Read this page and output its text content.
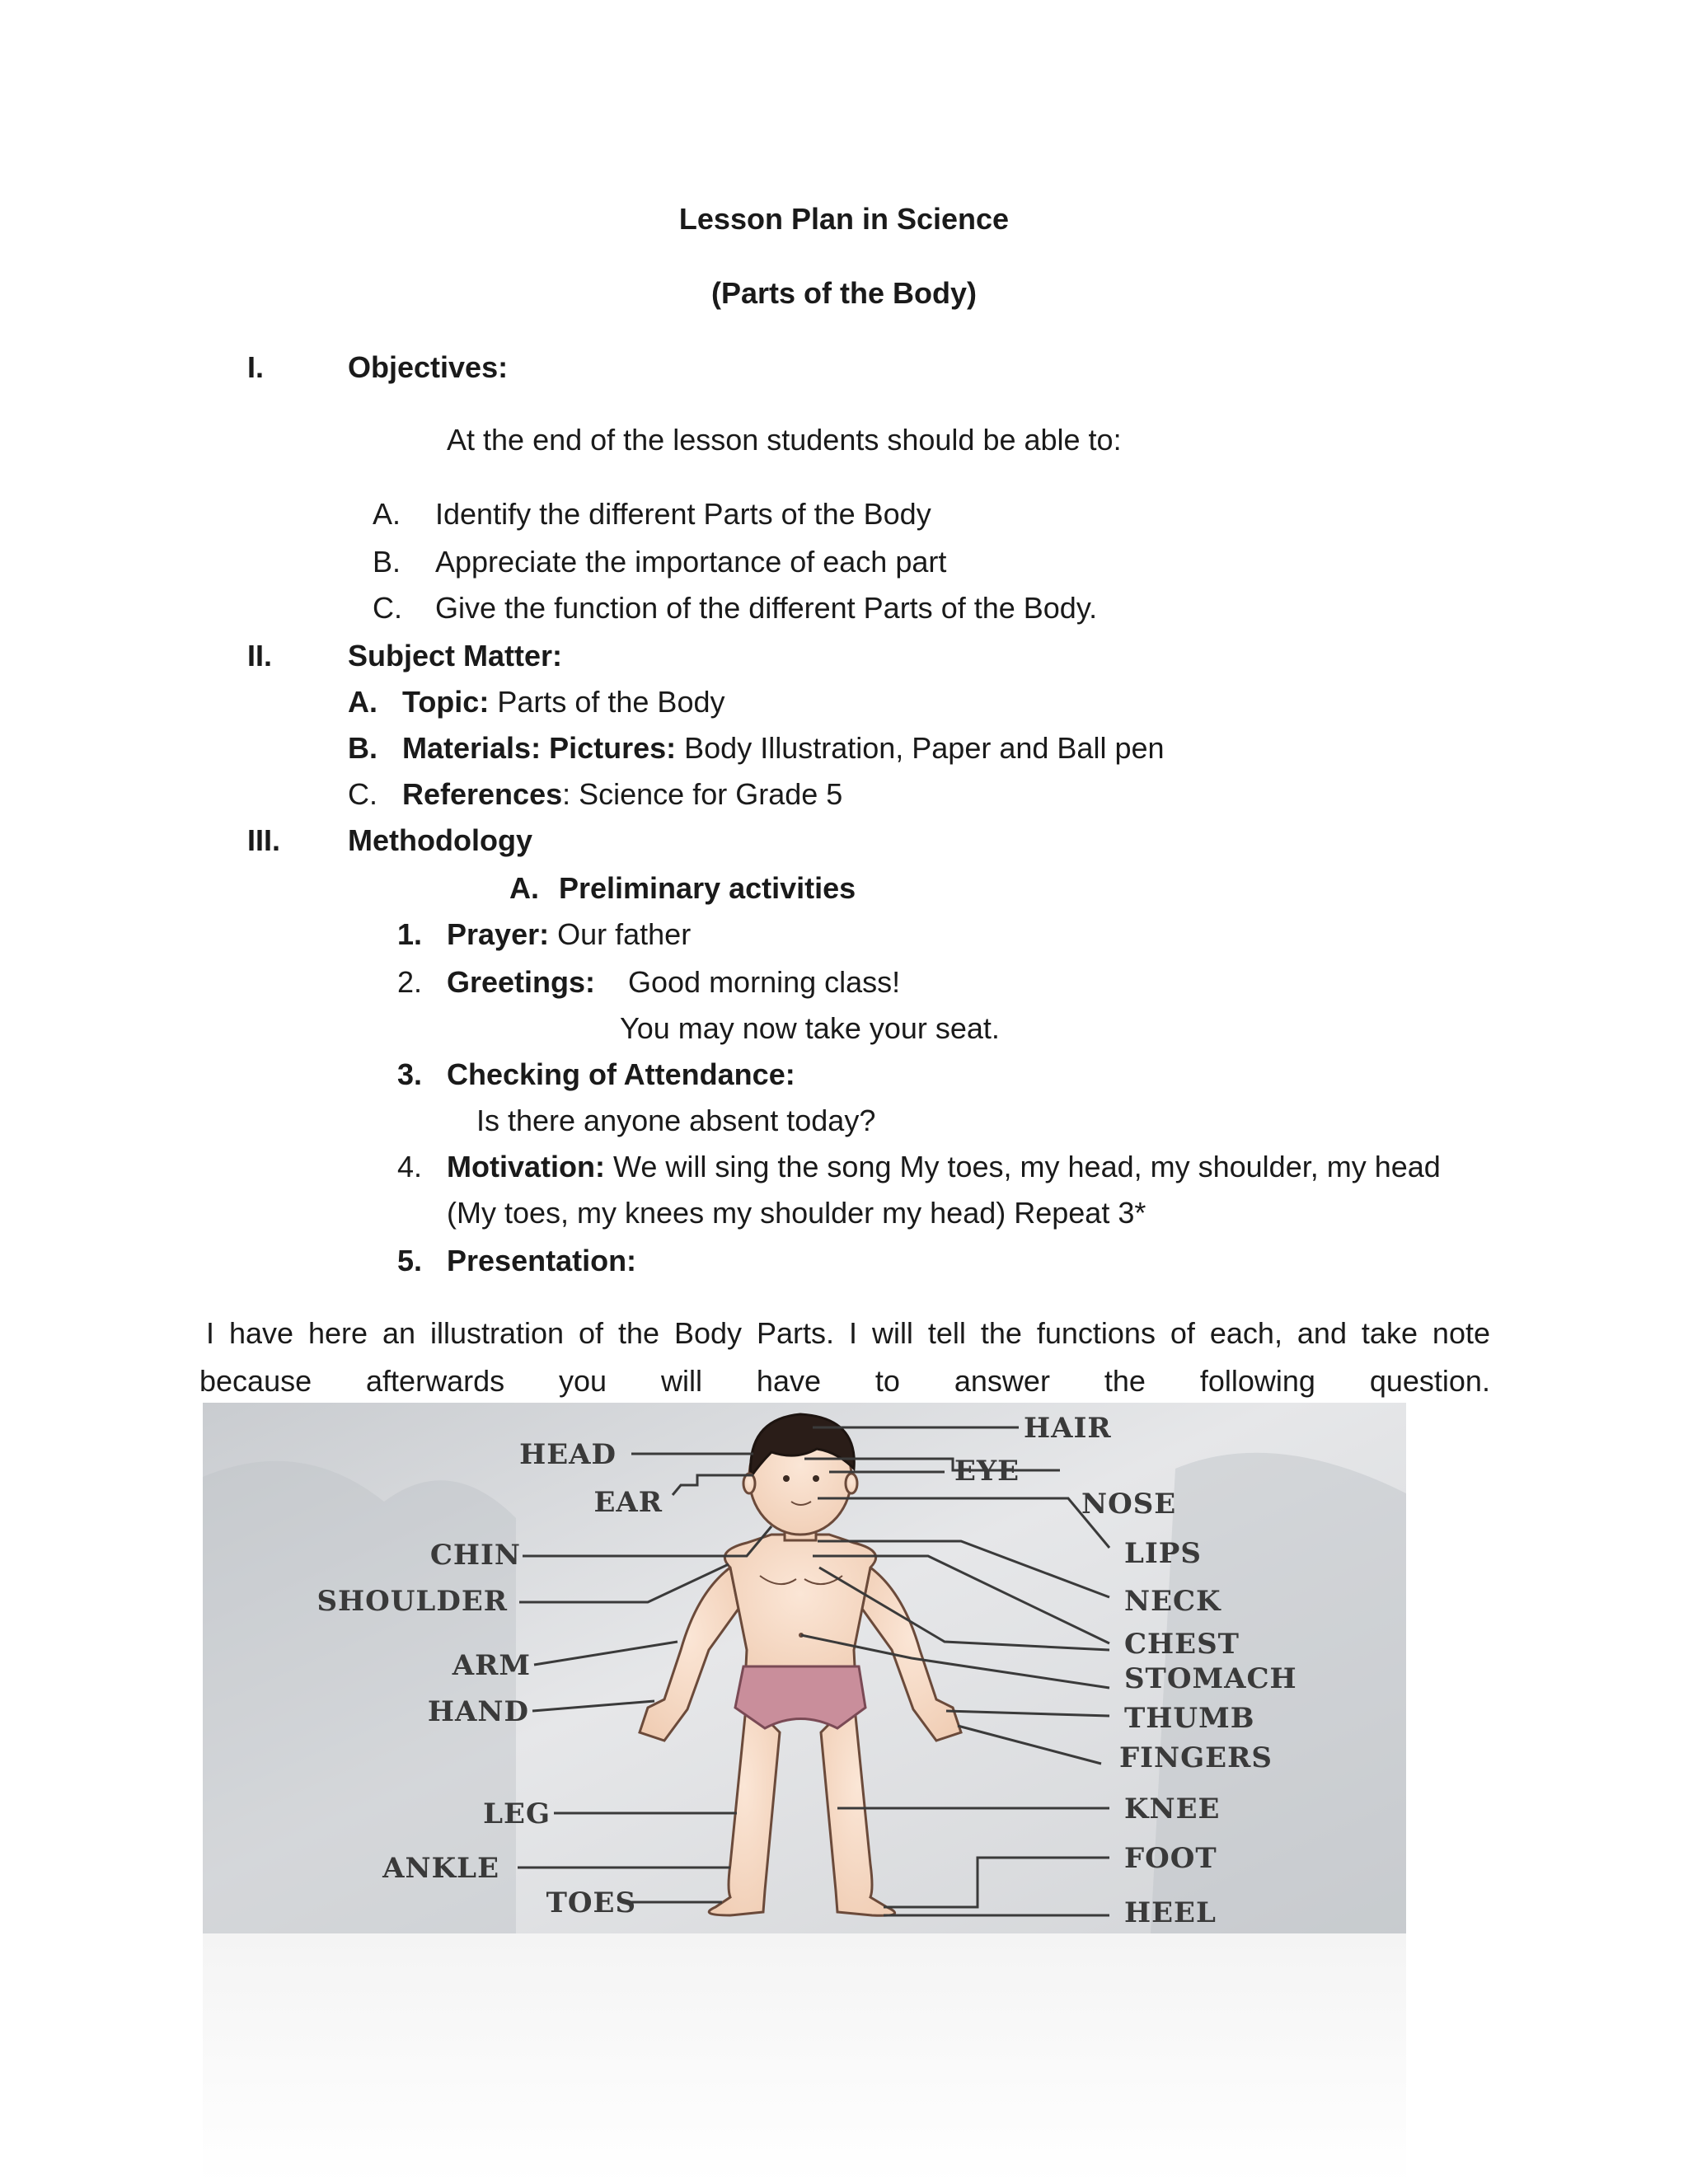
Lesson Plan in Science
(Parts of the Body)
I.	Objectives:
At the end of the lesson students should be able to:
A. Identify the different Parts of the Body
B. Appreciate the importance of each part
C. Give the function of the different Parts of the Body.
II.	Subject Matter:
A. Topic: Parts of the Body
B. Materials: Pictures: Body Illustration, Paper and Ball pen
C. References: Science for Grade 5
III. Methodology
A. Preliminary activities
1. Prayer: Our father
2. Greetings: Good morning class!
You may now take your seat.
3. Checking of Attendance:
Is there anyone absent today?
4. Motivation: We will sing the song My toes, my head, my shoulder, my head
(My toes, my knees my shoulder my head) Repeat 3*
5. Presentation:
I have here an illustration of the Body Parts. I will tell the functions of each, and take note
because afterwards you will have to answer the following question.
HEAD
EAR
CHIN
SHOULDER
ARM
HAND
LEG
ANKLE
TOES
HAIR
EYE
NOSE
LIPS
NECK
CHEST
STOMACH
THUMB
FINGERS
KNEE
FOOT
HEEL
